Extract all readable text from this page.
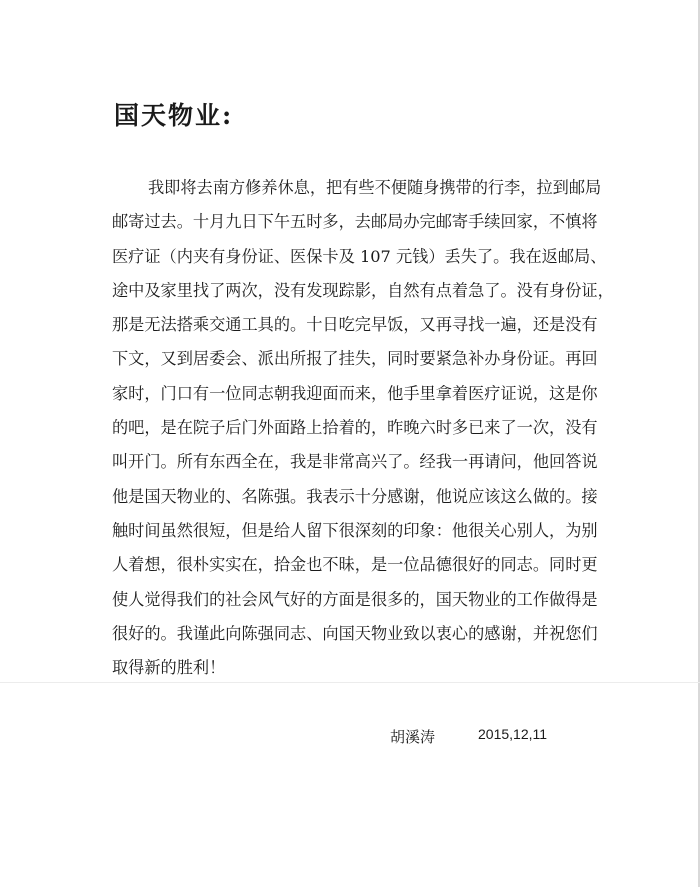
国天物业:
我即将去南方修养休息，把有些不便随身携带的行李，拉到邮局
邮寄过去。十月九日下午五时多，去邮局办完邮寄手续回家，不慎将
医疗证（内夹有身份证、医保卡及 107 元钱）丢失了。我在返邮局、
途中及家里找了两次，没有发现踪影，自然有点着急了。没有身份证，
那是无法搭乘交通工具的。十日吃完早饭，又再寻找一遍，还是没有
下文，又到居委会、派出所报了挂失，同时要紧急补办身份证。再回
家时，门口有一位同志朝我迎面而来，他手里拿着医疗证说，这是你
的吧，是在院子后门外面路上拾着的，昨晚六时多已来了一次，没有
叫开门。所有东西全在，我是非常高兴了。经我一再请问，他回答说
他是国天物业的、名陈强。我表示十分感谢，他说应该这么做的。接
触时间虽然很短，但是给人留下很深刻的印象：他很关心别人，为别
人着想，很朴实实在，拾金也不昧，是一位品德很好的同志。同时更
使人觉得我们的社会风气好的方面是很多的，国天物业的工作做得是
很好的。我谨此向陈强同志、向国天物业致以衷心的感谢，并祝您们
取得新的胜利！

胡溪涛	2015,12,11
